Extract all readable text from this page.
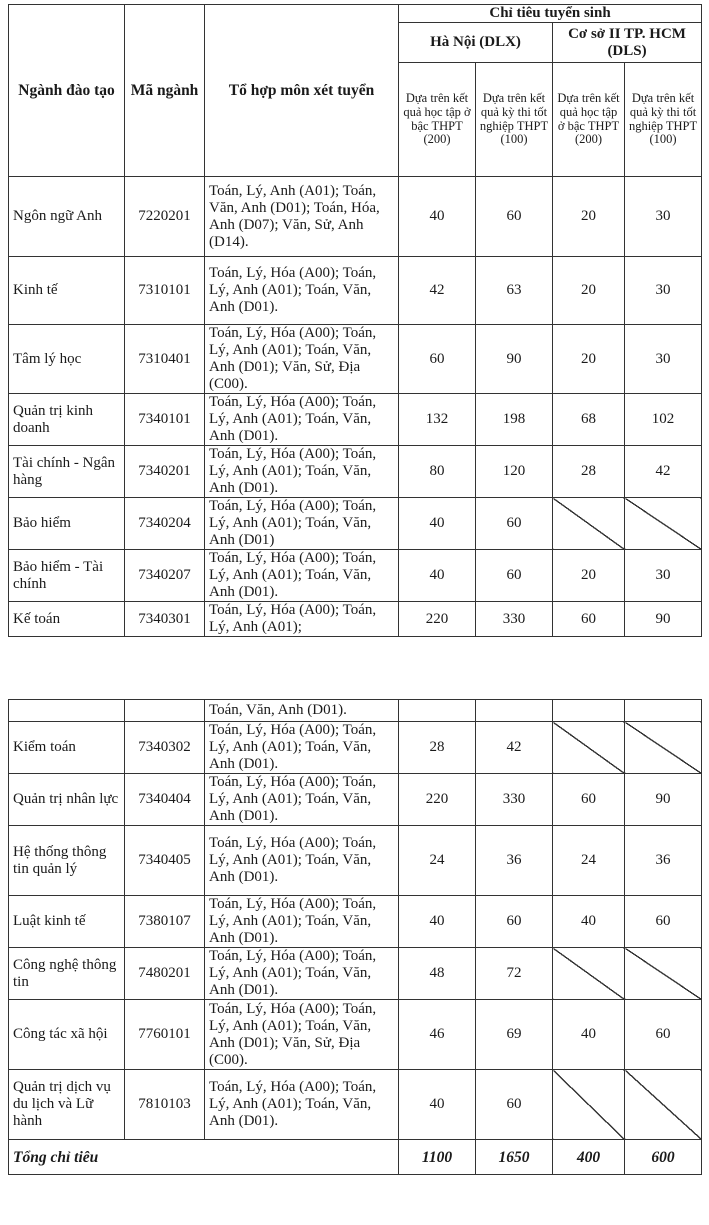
Ngành đào tạo	Mã ngành	Tổ hợp môn xét tuyển	Chỉ tiêu tuyển sinh			
			Hà Nội (DLX)		Cơ sở II TP. HCM (DLS)	
			Dựa trên kết quả học tập ở bậc THPT (200)	Dựa trên kết quả kỳ thi tốt nghiệp THPT (100)	Dựa trên kết quả học tập ở bậc THPT (200)	Dựa trên kết quả kỳ thi tốt nghiệp THPT (100)
Ngôn ngữ Anh	7220201	Toán, Lý, Anh (A01); Toán, Văn, Anh (D01); Toán, Hóa, Anh (D07); Văn, Sử, Anh (D14).	40	60	20	30
Kinh tế	7310101	Toán, Lý, Hóa (A00); Toán, Lý, Anh (A01); Toán, Văn, Anh (D01).	42	63	20	30
Tâm lý học	7310401	Toán, Lý, Hóa (A00); Toán, Lý, Anh (A01); Toán, Văn, Anh (D01); Văn, Sử, Địa (C00).	60	90	20	30
Quản trị kinh doanh	7340101	Toán, Lý, Hóa (A00); Toán, Lý, Anh (A01); Toán, Văn, Anh (D01).	132	198	68	102
Tài chính - Ngân hàng	7340201	Toán, Lý, Hóa (A00); Toán, Lý, Anh (A01); Toán, Văn, Anh (D01).	80	120	28	42
Bảo hiểm	7340204	Toán, Lý, Hóa (A00); Toán, Lý, Anh (A01); Toán, Văn, Anh (D01)	40	60		
Bảo hiểm - Tài chính	7340207	Toán, Lý, Hóa (A00); Toán, Lý, Anh (A01); Toán, Văn, Anh (D01).	40	60	20	30
Kế toán	7340301	Toán, Lý, Hóa (A00); Toán, Lý, Anh (A01);	220	330	60	90
		Toán, Văn, Anh (D01).				
Kiểm toán	7340302	Toán, Lý, Hóa (A00); Toán, Lý, Anh (A01); Toán, Văn, Anh (D01).	28	42		
Quản trị nhân lực	7340404	Toán, Lý, Hóa (A00); Toán, Lý, Anh (A01); Toán, Văn, Anh (D01).	220	330	60	90
Hệ thống thông tin quản lý	7340405	Toán, Lý, Hóa (A00); Toán, Lý, Anh (A01); Toán, Văn, Anh (D01).	24	36	24	36
Luật kinh tế	7380107	Toán, Lý, Hóa (A00); Toán, Lý, Anh (A01); Toán, Văn, Anh (D01).	40	60	40	60
Công nghệ thông tin	7480201	Toán, Lý, Hóa (A00); Toán, Lý, Anh (A01); Toán, Văn, Anh (D01).	48	72		
Công tác xã hội	7760101	Toán, Lý, Hóa (A00); Toán, Lý, Anh (A01); Toán, Văn, Anh (D01); Văn, Sử, Địa (C00).	46	69	40	60
Quản trị dịch vụ du lịch và Lữ hành	7810103	Toán, Lý, Hóa (A00); Toán, Lý, Anh (A01); Toán, Văn, Anh (D01).	40	60		
Tổng chỉ tiêu			1100	1650	400	600
